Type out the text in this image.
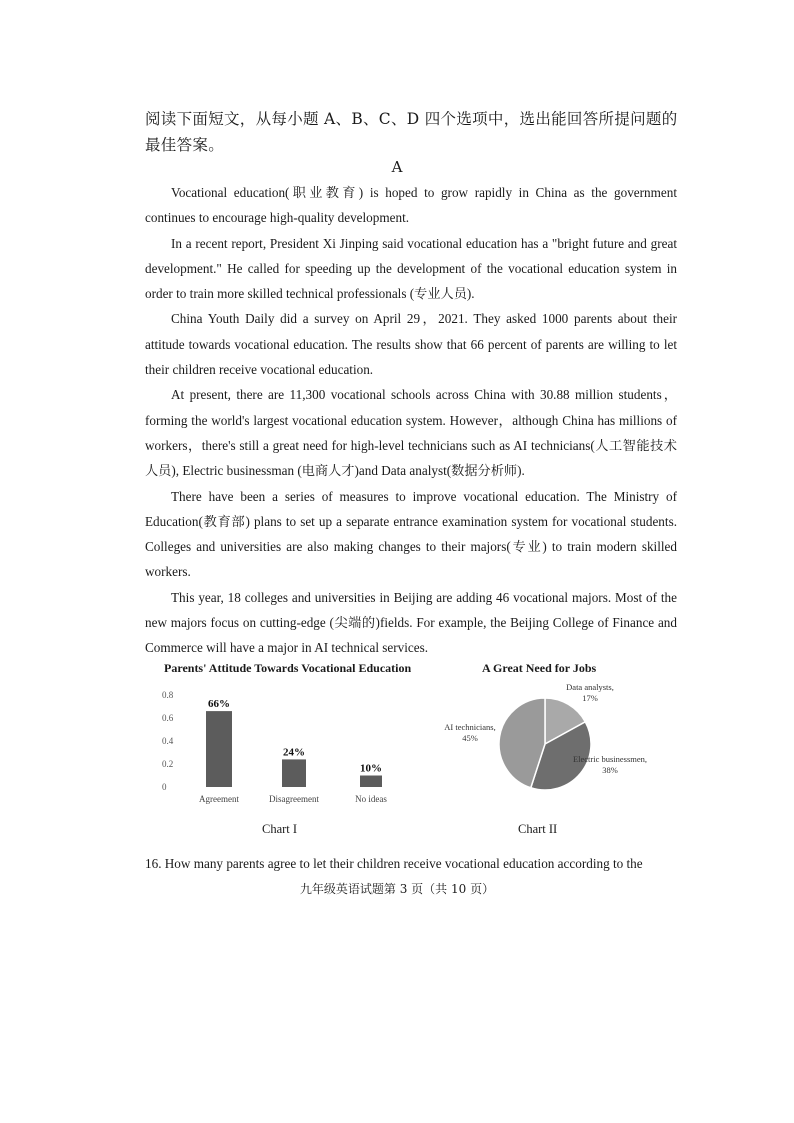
阅读下面短文，从每小题 A、B、C、D 四个选项中，选出能回答所提问题的最佳答案。
A

Vocational education(职业教育) is hoped to grow rapidly in China as the government continues to encourage high-quality development.

In a recent report, President Xi Jinping said vocational education has a "bright future and great development." He called for speeding up the development of the vocational education system in order to train more skilled technical professionals (专业人员).

China Youth Daily did a survey on April 29，2021. They asked 1000 parents about their attitude towards vocational education. The results show that 66 percent of parents are willing to let their children receive vocational education.

At present, there are 11,300 vocational schools across China with 30.88 million students，forming the world's largest vocational education system. However，although China has millions of workers，there's still a great need for high-level technicians such as AI technicians(人工智能技术人员), Electric businessman (电商人才)and Data analyst(数据分析师).

There have been a series of measures to improve vocational education. The Ministry of Education(教育部) plans to set up a separate entrance examination system for vocational students. Colleges and universities are also making changes to their majors(专业) to train modern skilled workers.

This year, 18 colleges and universities in Beijing are adding 46 vocational majors. Most of the new majors focus on cutting-edge (尖端的)fields. For example, the Beijing College of Finance and Commerce will have a major in AI technical services.

Parents' Attitude Towards Vocational Education	A Great Need for Jobs
0
0.2
0.4
0.6
0.8
66%
Agreement
24%
Disagreement
10%
No ideas
Data analysts,
17%
Electric businessmen,
38%
AI technicians,
45%
Chart I	Chart II
16. How many parents agree to let their children receive vocational education according to the
九年级英语试题第 3 页（共 10 页）
